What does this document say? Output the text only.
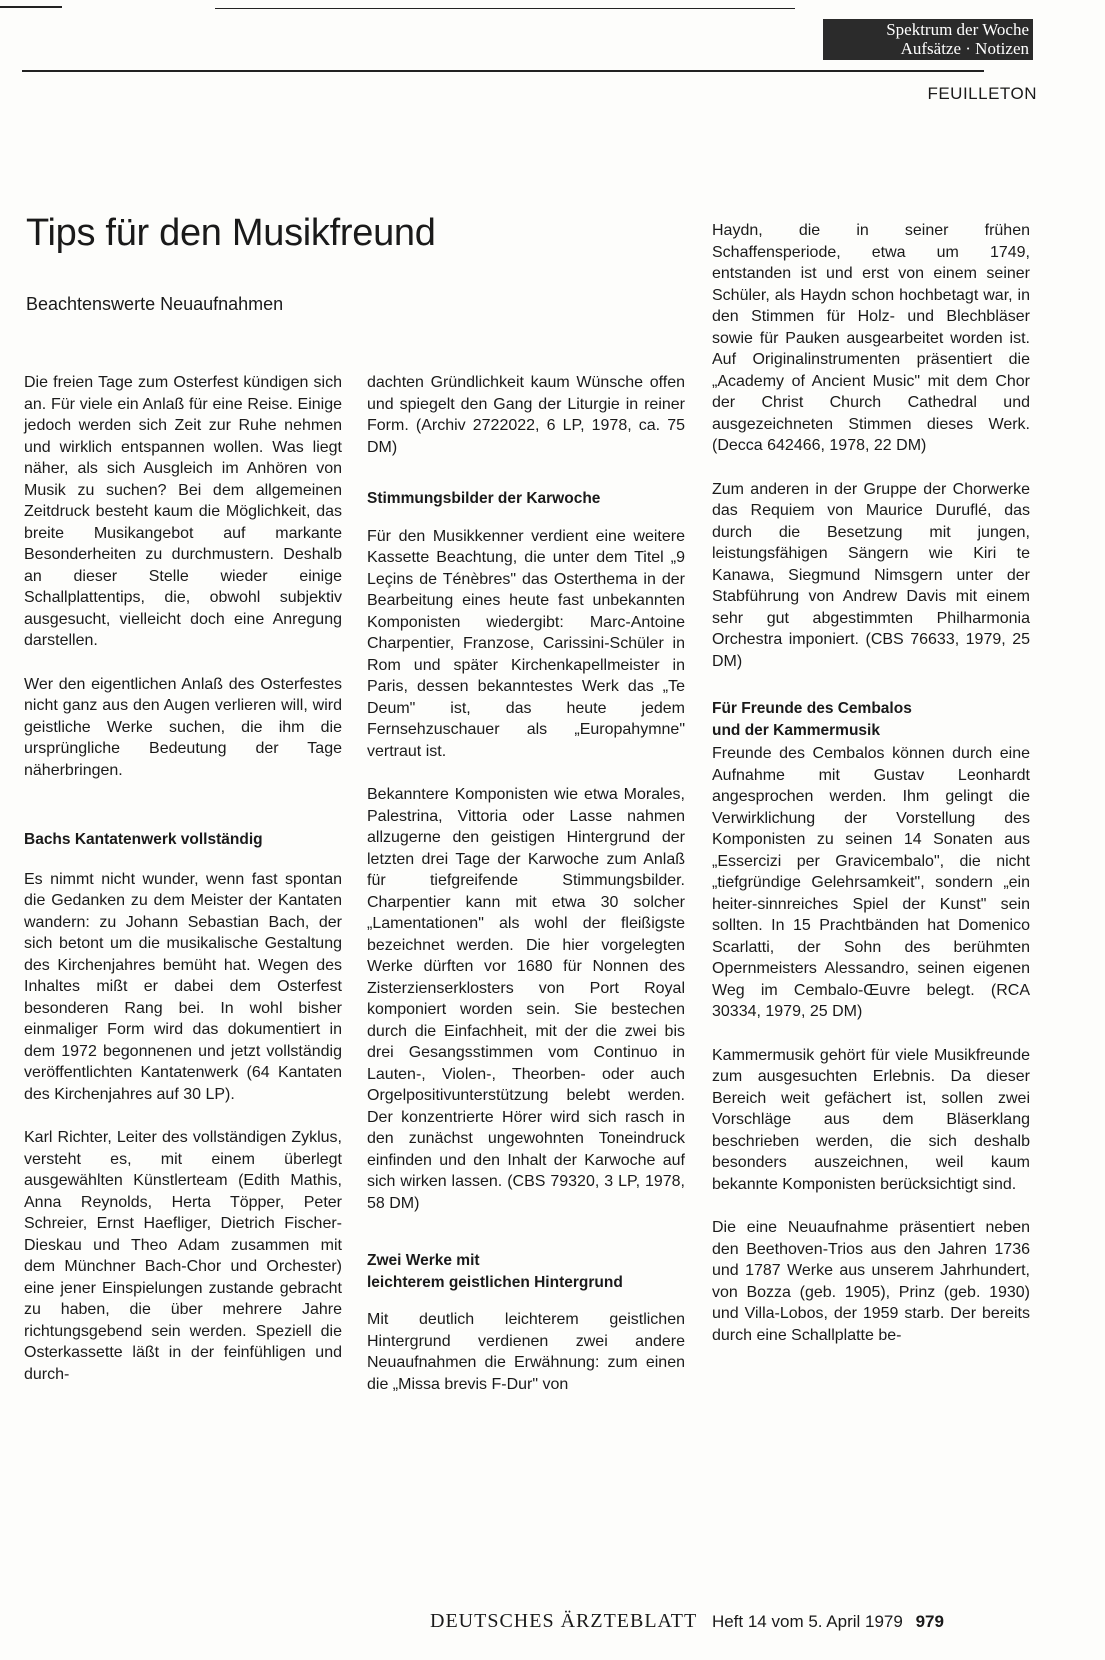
Spektrum der Woche
Aufsätze · Notizen
FEUILLETON
Tips für den Musikfreund
Beachtenswerte Neuaufnahmen

Die freien Tage zum Osterfest kündigen sich an. Für viele ein Anlaß für eine Reise. Einige jedoch werden sich Zeit zur Ruhe nehmen und wirklich entspannen wollen. Was liegt näher, als sich Ausgleich im Anhören von Musik zu suchen? Bei dem allgemeinen Zeitdruck besteht kaum die Möglichkeit, das breite Musikangebot auf markante Besonderheiten zu durchmustern. Deshalb an dieser Stelle wieder einige Schallplattentips, die, obwohl subjektiv ausgesucht, vielleicht doch eine Anregung darstellen.

Wer den eigentlichen Anlaß des Osterfestes nicht ganz aus den Augen verlieren will, wird geistliche Werke suchen, die ihm die ursprüngliche Bedeutung der Tage näherbringen.

Bachs Kantatenwerk vollständig

Es nimmt nicht wunder, wenn fast spontan die Gedanken zu dem Meister der Kantaten wandern: zu Johann Sebastian Bach, der sich betont um die musikalische Gestaltung des Kirchenjahres bemüht hat. Wegen des Inhaltes mißt er dabei dem Osterfest besonderen Rang bei. In wohl bisher einmaliger Form wird das dokumentiert in dem 1972 begonnenen und jetzt vollständig veröffentlichten Kantatenwerk (64 Kantaten des Kirchenjahres auf 30 LP).

Karl Richter, Leiter des vollständigen Zyklus, versteht es, mit einem überlegt ausgewählten Künstlerteam (Edith Mathis, Anna Reynolds, Herta Töpper, Peter Schreier, Ernst Haefliger, Dietrich Fischer-Dieskau und Theo Adam zusammen mit dem Münchner Bach-Chor und Orchester) eine jener Einspielungen zustande gebracht zu haben, die über mehrere Jahre richtungsgebend sein werden. Speziell die Osterkassette läßt in der feinfühligen und durch-

dachten Gründlichkeit kaum Wünsche offen und spiegelt den Gang der Liturgie in reiner Form. (Archiv 2722022, 6 LP, 1978, ca. 75 DM)

Stimmungsbilder der Karwoche

Für den Musikkenner verdient eine weitere Kassette Beachtung, die unter dem Titel „9 Leçins de Ténèbres" das Osterthema in der Bearbeitung eines heute fast unbekannten Komponisten wiedergibt: Marc-Antoine Charpentier, Franzose, Carissini-Schüler in Rom und später Kirchenkapellmeister in Paris, dessen bekanntestes Werk das „Te Deum" ist, das heute jedem Fernsehzuschauer als „Europahymne" vertraut ist.

Bekanntere Komponisten wie etwa Morales, Palestrina, Vittoria oder Lasse nahmen allzugerne den geistigen Hintergrund der letzten drei Tage der Karwoche zum Anlaß für tiefgreifende Stimmungsbilder. Charpentier kann mit etwa 30 solcher „Lamentationen" als wohl der fleißigste bezeichnet werden. Die hier vorgelegten Werke dürften vor 1680 für Nonnen des Zisterzienserklosters von Port Royal komponiert worden sein. Sie bestechen durch die Einfachheit, mit der die zwei bis drei Gesangsstimmen vom Continuo in Lauten-, Violen-, Theorben- oder auch Orgelpositivunterstützung belebt werden. Der konzentrierte Hörer wird sich rasch in den zunächst ungewohnten Toneindruck einfinden und den Inhalt der Karwoche auf sich wirken lassen. (CBS 79320, 3 LP, 1978, 58 DM)

Zwei Werke mit
leichterem geistlichen Hintergrund

Mit deutlich leichterem geistlichen Hintergrund verdienen zwei andere Neuaufnahmen die Erwähnung: zum einen die „Missa brevis F-Dur" von

Haydn, die in seiner frühen Schaffensperiode, etwa um 1749, entstanden ist und erst von einem seiner Schüler, als Haydn schon hochbetagt war, in den Stimmen für Holz- und Blechbläser sowie für Pauken ausgearbeitet worden ist. Auf Originalinstrumenten präsentiert die „Academy of Ancient Music" mit dem Chor der Christ Church Cathedral und ausgezeichneten Stimmen dieses Werk. (Decca 642466, 1978, 22 DM)

Zum anderen in der Gruppe der Chorwerke das Requiem von Maurice Duruflé, das durch die Besetzung mit jungen, leistungsfähigen Sängern wie Kiri te Kanawa, Siegmund Nimsgern unter der Stabführung von Andrew Davis mit einem sehr gut abgestimmten Philharmonia Orchestra imponiert. (CBS 76633, 1979, 25 DM)

Für Freunde des Cembalos
und der Kammermusik

Freunde des Cembalos können durch eine Aufnahme mit Gustav Leonhardt angesprochen werden. Ihm gelingt die Verwirklichung der Vorstellung des Komponisten zu seinen 14 Sonaten aus „Essercizi per Gravicembalo", die nicht „tiefgründige Gelehrsamkeit", sondern „ein heiter-sinnreiches Spiel der Kunst" sein sollten. In 15 Prachtbänden hat Domenico Scarlatti, der Sohn des berühmten Opernmeisters Alessandro, seinen eigenen Weg im Cembalo-Œuvre belegt. (RCA 30334, 1979, 25 DM)

Kammermusik gehört für viele Musikfreunde zum ausgesuchten Erlebnis. Da dieser Bereich weit gefächert ist, sollen zwei Vorschläge aus dem Bläserklang beschrieben werden, die sich deshalb besonders auszeichnen, weil kaum bekannte Komponisten berücksichtigt sind.

Die eine Neuaufnahme präsentiert neben den Beethoven-Trios aus den Jahren 1736 und 1787 Werke aus unserem Jahrhundert, von Bozza (geb. 1905), Prinz (geb. 1930) und Villa-Lobos, der 1959 starb. Der bereits durch eine Schallplatte be-

DEUTSCHES ÄRZTEBLATT Heft 14 vom 5. April 1979 979
